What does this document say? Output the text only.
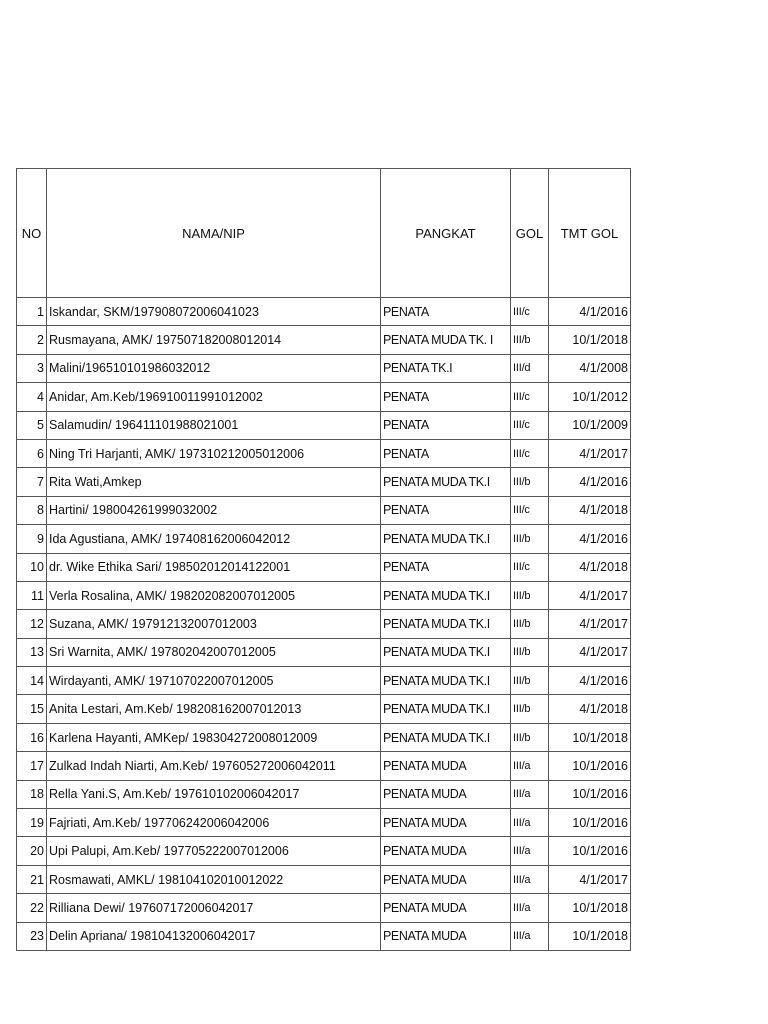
NO	NAMA/NIP	PANGKAT	GOL	TMT GOL
1	Iskandar, SKM/197908072006041023	PENATA	III/c	4/1/2016
2	Rusmayana, AMK/ 197507182008012014	PENATA MUDA TK. I	III/b	10/1/2018
3	Malini/196510101986032012	PENATA TK.I	III/d	4/1/2008
4	Anidar, Am.Keb/196910011991012002	PENATA	III/c	10/1/2012
5	Salamudin/ 196411101988021001	PENATA	III/c	10/1/2009
6	Ning Tri Harjanti, AMK/ 197310212005012006	PENATA	III/c	4/1/2017
7	Rita Wati,Amkep	PENATA MUDA TK.I	III/b	4/1/2016
8	Hartini/ 198004261999032002	PENATA	III/c	4/1/2018
9	Ida Agustiana, AMK/ 197408162006042012	PENATA MUDA TK.I	III/b	4/1/2016
10	dr. Wike Ethika Sari/ 198502012014122001	PENATA	III/c	4/1/2018
11	Verla Rosalina, AMK/ 198202082007012005	PENATA MUDA TK.I	III/b	4/1/2017
12	Suzana, AMK/ 197912132007012003	PENATA MUDA TK.I	III/b	4/1/2017
13	Sri Warnita, AMK/ 197802042007012005	PENATA MUDA TK.I	III/b	4/1/2017
14	Wirdayanti, AMK/ 197107022007012005	PENATA MUDA TK.I	III/b	4/1/2016
15	Anita Lestari, Am.Keb/ 198208162007012013	PENATA MUDA TK.I	III/b	4/1/2018
16	Karlena Hayanti, AMKep/ 198304272008012009	PENATA MUDA TK.I	III/b	10/1/2018
17	Zulkad Indah Niarti, Am.Keb/ 197605272006042011	PENATA MUDA	III/a	10/1/2016
18	Rella Yani.S, Am.Keb/ 197610102006042017	PENATA MUDA	III/a	10/1/2016
19	Fajriati, Am.Keb/ 197706242006042006	PENATA MUDA	III/a	10/1/2016
20	Upi Palupi, Am.Keb/ 197705222007012006	PENATA MUDA	III/a	10/1/2016
21	Rosmawati, AMKL/ 198104102010012022	PENATA MUDA	III/a	4/1/2017
22	Rilliana Dewi/ 197607172006042017	PENATA MUDA	III/a	10/1/2018
23	Delin Apriana/ 198104132006042017	PENATA MUDA	III/a	10/1/2018
